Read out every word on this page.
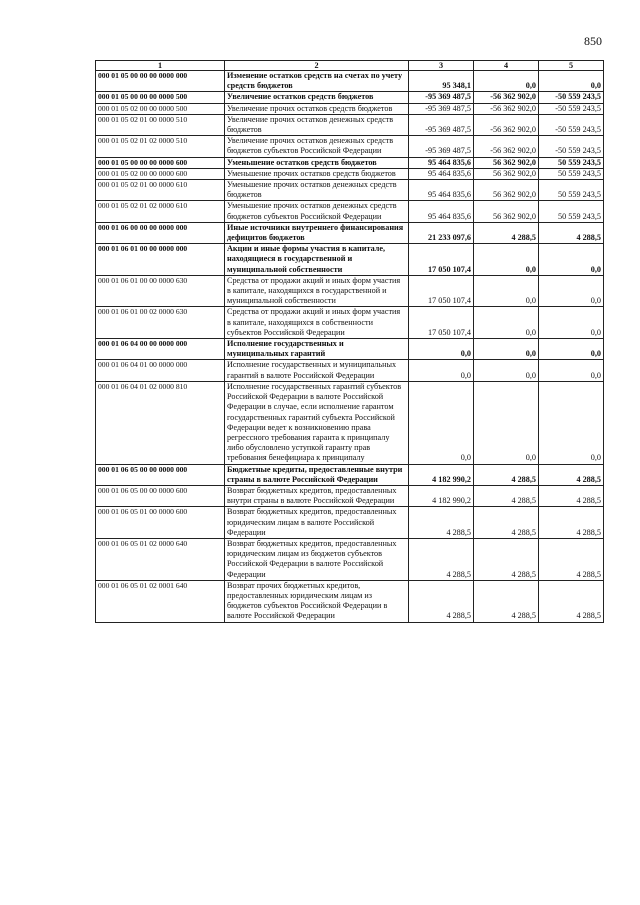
850
1	2	3	4	5
000 01 05 00 00 00 0000 000	Изменение остатков средств на счетах по учету средств бюджетов	95 348,1	0,0	0,0
000 01 05 00 00 00 0000 500	Увеличение остатков средств бюджетов	-95 369 487,5	-56 362 902,0	-50 559 243,5
000 01 05 02 00 00 0000 500	Увеличение прочих остатков средств бюджетов	-95 369 487,5	-56 362 902,0	-50 559 243,5
000 01 05 02 01 00 0000 510	Увеличение прочих остатков денежных средств бюджетов	-95 369 487,5	-56 362 902,0	-50 559 243,5
000 01 05 02 01 02 0000 510	Увеличение прочих остатков денежных средств бюджетов субъектов Российской Федерации	-95 369 487,5	-56 362 902,0	-50 559 243,5
000 01 05 00 00 00 0000 600	Уменьшение остатков средств бюджетов	95 464 835,6	56 362 902,0	50 559 243,5
000 01 05 02 00 00 0000 600	Уменьшение прочих остатков средств бюджетов	95 464 835,6	56 362 902,0	50 559 243,5
000 01 05 02 01 00 0000 610	Уменьшение прочих остатков денежных средств бюджетов	95 464 835,6	56 362 902,0	50 559 243,5
000 01 05 02 01 02 0000 610	Уменьшение прочих остатков денежных средств бюджетов субъектов Российской Федерации	95 464 835,6	56 362 902,0	50 559 243,5
000 01 06 00 00 00 0000 000	Иные источники внутреннего финансирования дефицитов бюджетов	21 233 097,6	4 288,5	4 288,5
000 01 06 01 00 00 0000 000	Акции и иные формы участия в капитале, находящиеся в государственной и муниципальной собственности	17 050 107,4	0,0	0,0
000 01 06 01 00 00 0000 630	Средства от продажи акций и иных форм участия в капитале, находящихся в государственной и муниципальной собственности	17 050 107,4	0,0	0,0
000 01 06 01 00 02 0000 630	Средства от продажи акций и иных форм участия в капитале, находящихся в собственности субъектов Российской Федерации	17 050 107,4	0,0	0,0
000 01 06 04 00 00 0000 000	Исполнение государственных и муниципальных гарантий	0,0	0,0	0,0
000 01 06 04 01 00 0000 000	Исполнение государственных и муниципальных гарантий в валюте Российской Федерации	0,0	0,0	0,0
000 01 06 04 01 02 0000 810	Исполнение государственных гарантий субъектов Российской Федерации в валюте Российской Федерации в случае, если исполнение гарантом государственных гарантий субъекта Российской Федерации ведет к возникновению права регрессного требования гаранта к принципалу либо обусловлено уступкой гаранту прав требования бенефициара к принципалу	0,0	0,0	0,0
000 01 06 05 00 00 0000 000	Бюджетные кредиты, предоставленные внутри страны в валюте Российской Федерации	4 182 990,2	4 288,5	4 288,5
000 01 06 05 00 00 0000 600	Возврат бюджетных кредитов, предоставленных внутри страны в валюте Российской Федерации	4 182 990,2	4 288,5	4 288,5
000 01 06 05 01 00 0000 600	Возврат бюджетных кредитов, предоставленных юридическим лицам в валюте Российской Федерации	4 288,5	4 288,5	4 288,5
000 01 06 05 01 02 0000 640	Возврат бюджетных кредитов, предоставленных юридическим лицам из бюджетов субъектов Российской Федерации в валюте Российской Федерации	4 288,5	4 288,5	4 288,5
000 01 06 05 01 02 0001 640	Возврат прочих бюджетных кредитов, предоставленных юридическим лицам из бюджетов субъектов Российской Федерации в валюте Российской Федерации	4 288,5	4 288,5	4 288,5
